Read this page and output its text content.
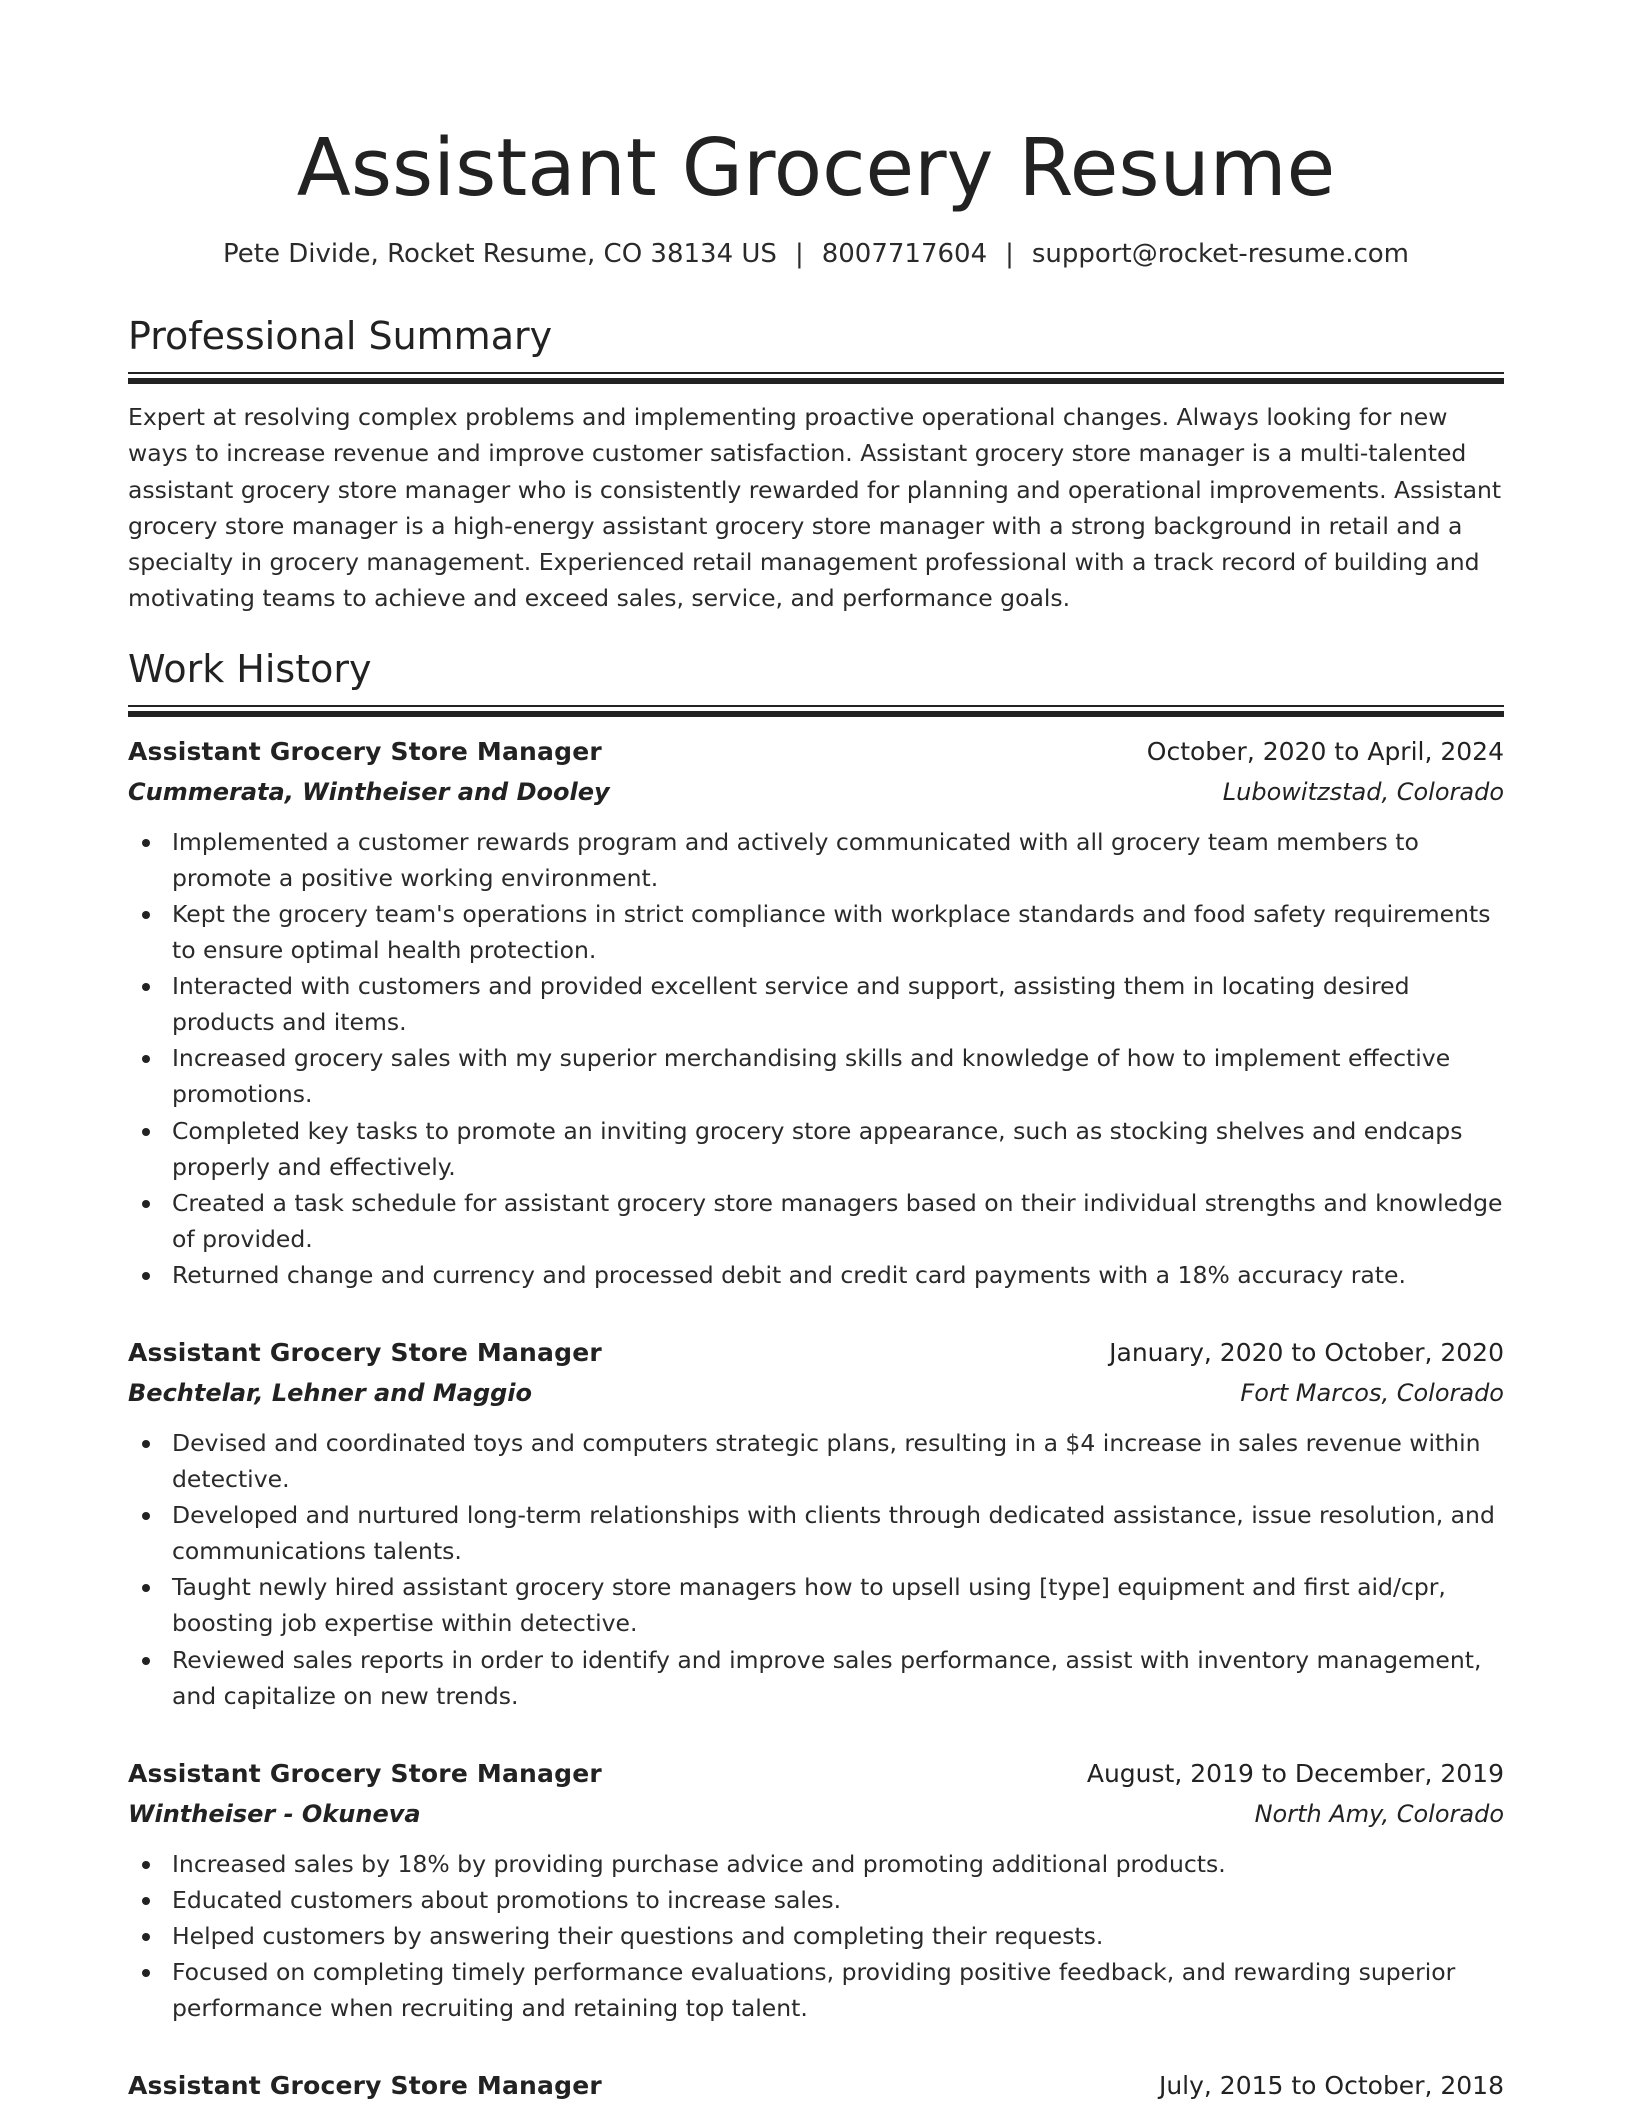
Assistant Grocery Resume
Pete Divide, Rocket Resume, CO 38134 US | 8007717604 | support@rocket-resume.com
Professional Summary

Expert at resolving complex problems and implementing proactive operational changes. Always looking for new ways to increase revenue and improve customer satisfaction. Assistant grocery store manager is a multi-talented assistant grocery store manager who is consistently rewarded for planning and operational improvements. Assistant grocery store manager is a high-energy assistant grocery store manager with a strong background in retail and a specialty in grocery management. Experienced retail management professional with a track record of building and motivating teams to achieve and exceed sales, service, and performance goals.

Work History
Assistant Grocery Store Manager	October, 2020 to April, 2024
Cummerata, Wintheiser and Dooley	Lubowitzstad, Colorado
Implemented a customer rewards program and actively communicated with all grocery team members to promote a positive working environment.
Kept the grocery team's operations in strict compliance with workplace standards and food safety requirements to ensure optimal health protection.
Interacted with customers and provided excellent service and support, assisting them in locating desired products and items.
Increased grocery sales with my superior merchandising skills and knowledge of how to implement effective promotions.
Completed key tasks to promote an inviting grocery store appearance, such as stocking shelves and endcaps properly and effectively.
Created a task schedule for assistant grocery store managers based on their individual strengths and knowledge of provided.
Returned change and currency and processed debit and credit card payments with a 18% accuracy rate.
Assistant Grocery Store Manager	January, 2020 to October, 2020
Bechtelar, Lehner and Maggio	Fort Marcos, Colorado
Devised and coordinated toys and computers strategic plans, resulting in a $4 increase in sales revenue within detective.
Developed and nurtured long-term relationships with clients through dedicated assistance, issue resolution, and communications talents.
Taught newly hired assistant grocery store managers how to upsell using [type] equipment and first aid/cpr, boosting job expertise within detective.
Reviewed sales reports in order to identify and improve sales performance, assist with inventory management, and capitalize on new trends.
Assistant Grocery Store Manager	August, 2019 to December, 2019
Wintheiser - Okuneva	North Amy, Colorado
Increased sales by 18% by providing purchase advice and promoting additional products.
Educated customers about promotions to increase sales.
Helped customers by answering their questions and completing their requests.
Focused on completing timely performance evaluations, providing positive feedback, and rewarding superior performance when recruiting and retaining top talent.
Assistant Grocery Store Manager	July, 2015 to October, 2018
